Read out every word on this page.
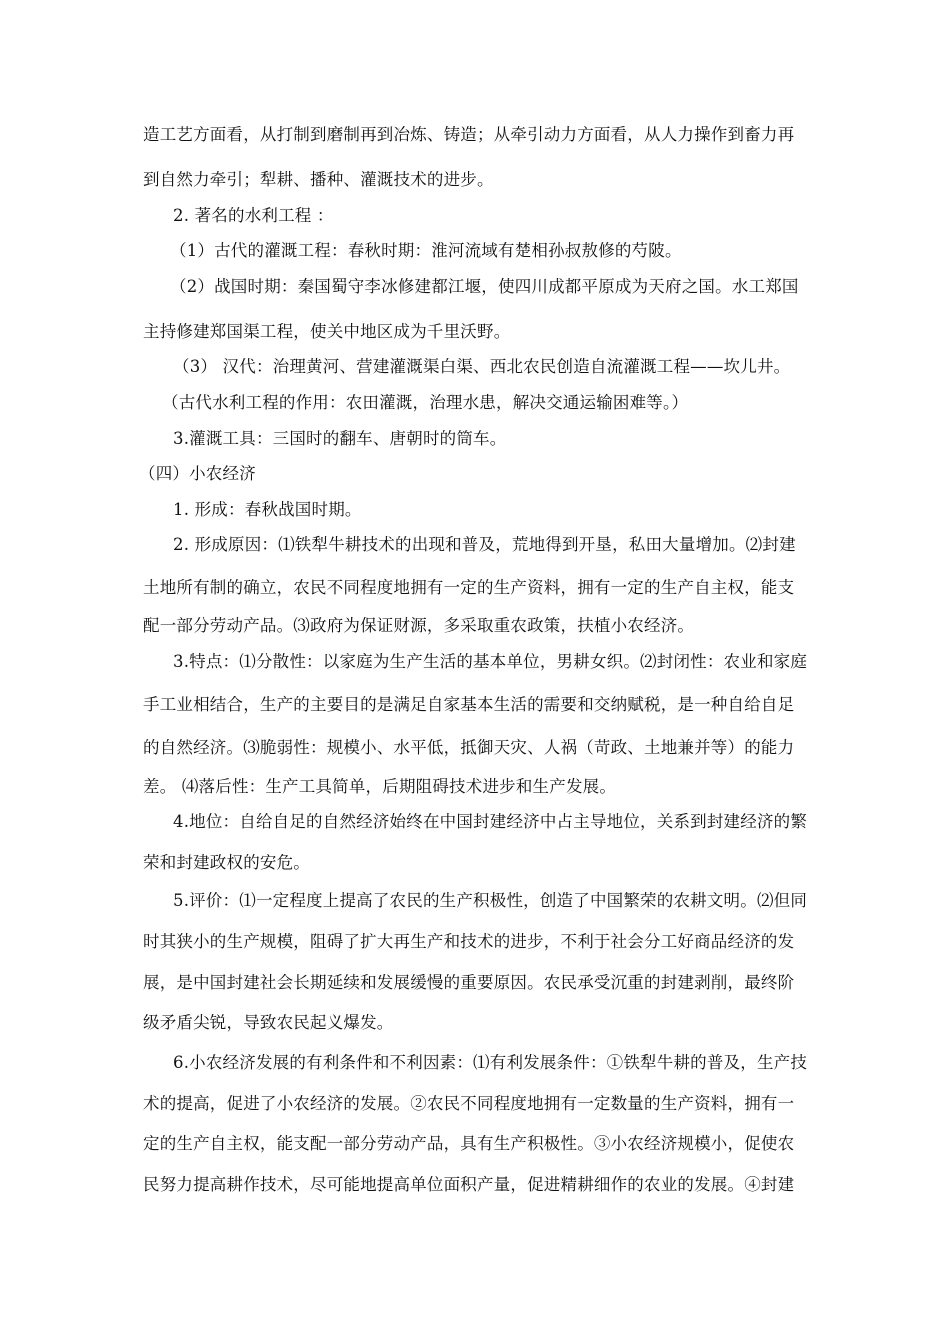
造工艺方面看，从打制到磨制再到冶炼、铸造；从牵引动力方面看，从人力操作到畜力再
到自然力牵引；犁耕、播种、灌溉技术的进步。
2. 著名的水利工程 ：
（1）古代的灌溉工程：春秋时期：淮河流域有楚相孙叔敖修的芍陂。
（2）战国时期：秦国蜀守李冰修建都江堰，使四川成都平原成为天府之国。水工郑国
主持修建郑国渠工程，使关中地区成为千里沃野。
（3） 汉代：治理黄河、营建灌溉渠白渠、西北农民创造自流灌溉工程——坎儿井。
（古代水利工程的作用：农田灌溉，治理水患，解决交通运输困难等。）
3.灌溉工具：三国时的翻车、唐朝时的筒车。
（四）小农经济
1. 形成：春秋战国时期。
2. 形成原因：⑴铁犁牛耕技术的出现和普及，荒地得到开垦，私田大量增加。⑵封建
土地所有制的确立，农民不同程度地拥有一定的生产资料，拥有一定的生产自主权，能支
配一部分劳动产品。⑶政府为保证财源，多采取重农政策，扶植小农经济。
3.特点：⑴分散性：以家庭为生产生活的基本单位，男耕女织。⑵封闭性：农业和家庭
手工业相结合，生产的主要目的是满足自家基本生活的需要和交纳赋税，是一种自给自足
的自然经济。⑶脆弱性：规模小、水平低，抵御天灾、人祸（苛政、土地兼并等）的能力
差。 ⑷落后性：生产工具简单，后期阻碍技术进步和生产发展。
4.地位：自给自足的自然经济始终在中国封建经济中占主导地位，关系到封建经济的繁
荣和封建政权的安危。
5.评价：⑴一定程度上提高了农民的生产积极性，创造了中国繁荣的农耕文明。⑵但同
时其狭小的生产规模，阻碍了扩大再生产和技术的进步，不利于社会分工好商品经济的发
展，是中国封建社会长期延续和发展缓慢的重要原因。农民承受沉重的封建剥削，最终阶
级矛盾尖锐，导致农民起义爆发。
6.小农经济发展的有利条件和不利因素：⑴有利发展条件：①铁犁牛耕的普及，生产技
术的提高，促进了小农经济的发展。②农民不同程度地拥有一定数量的生产资料，拥有一
定的生产自主权，能支配一部分劳动产品，具有生产积极性。③小农经济规模小，促使农
民努力提高耕作技术，尽可能地提高单位面积产量，促进精耕细作的农业的发展。④封建
